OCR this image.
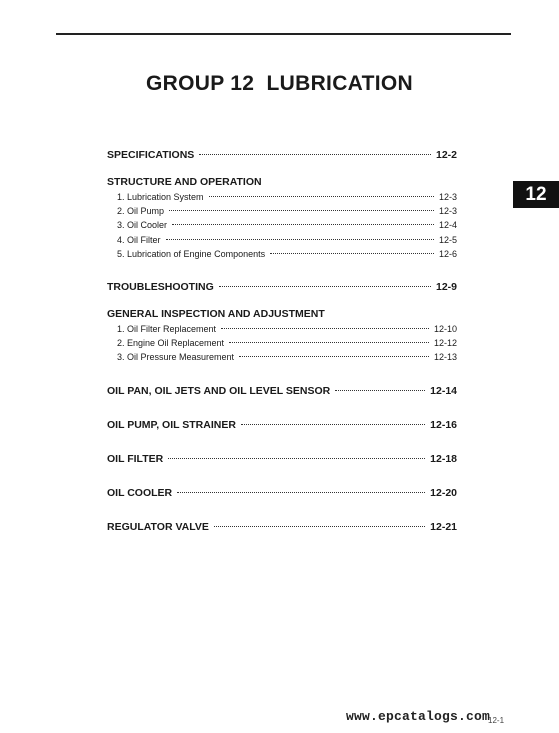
GROUP 12  LUBRICATION
12
SPECIFICATIONS	12-2
STRUCTURE AND OPERATION
1. Lubrication System	12-3
2. Oil Pump	12-3
3. Oil Cooler	12-4
4. Oil Filter	12-5
5. Lubrication of Engine Components	12-6
TROUBLESHOOTING	12-9
GENERAL INSPECTION AND ADJUSTMENT
1. Oil Filter Replacement	12-10
2. Engine Oil Replacement	12-12
3. Oil Pressure Measurement	12-13
OIL PAN, OIL JETS AND OIL LEVEL SENSOR	12-14
OIL PUMP, OIL STRAINER	12-16
OIL FILTER	12-18
OIL COOLER	12-20
REGULATOR VALVE	12-21
www.epcatalogs.com
12-1
